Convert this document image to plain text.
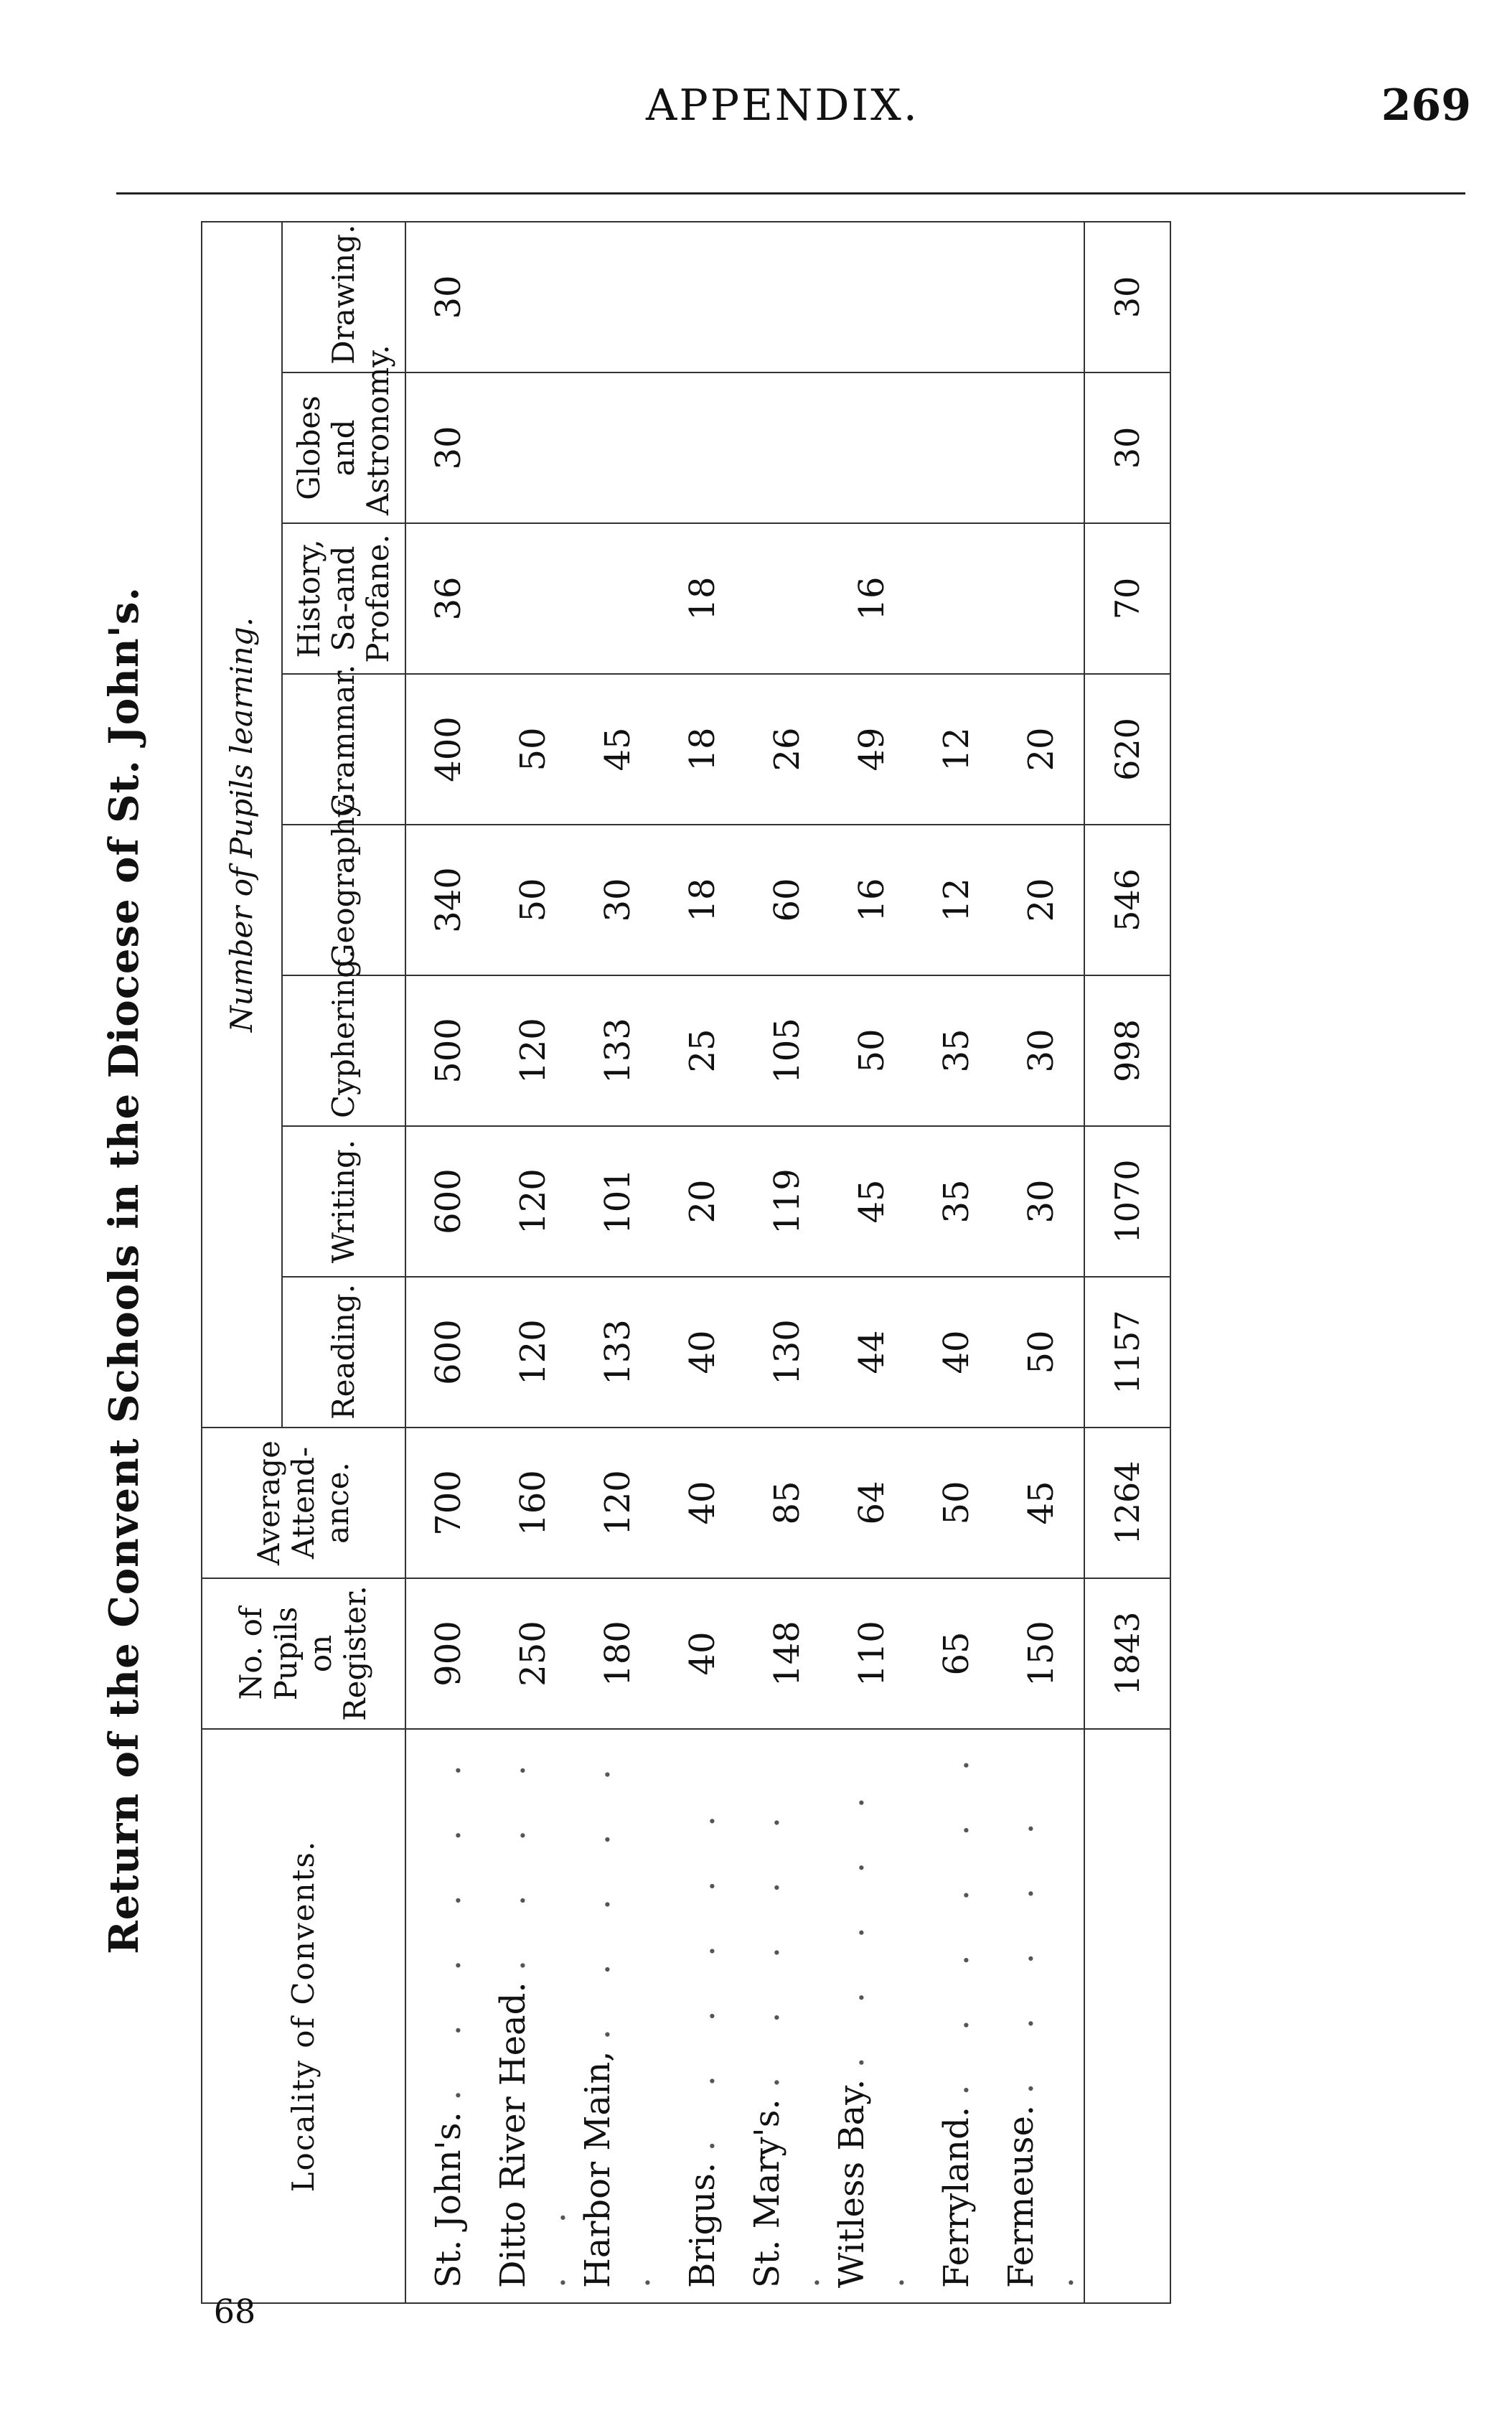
APPENDIX.	269
Return of the Convent Schools in the Diocese of St. John's.
Locality of Convents.	No. of Pupils on Register.	Average Attend-ance.	Number of Pupils learning.							
			Reading.	Writing.	Cyphering.	Geography.	Grammar.	History, Sa-and Profane.	Globes and Astronomy.	Drawing.
St. John's. . . . . . .	900	700	600	600	500	340	400	36	30	30
Ditto River Head. . . . . . .	250	160	120	120	120	50	50			
Harbor Main, . . . . . .	180	120	133	101	133	30	45			
Brigus. . . . . . .	40	40	40	20	25	18	18	18		
St. Mary's. . . . . . .	148	85	130	119	105	60	26			
Witless Bay. . . . . . .	110	64	44	45	50	16	49	16		
Ferryland. . . . . . .	65	50	40	35	35	12	12			
Fermeuse. . . . . . .	150	45	50	30	30	20	20			
	1843	1264	1157	1070	998	546	620	70	30	30
68
